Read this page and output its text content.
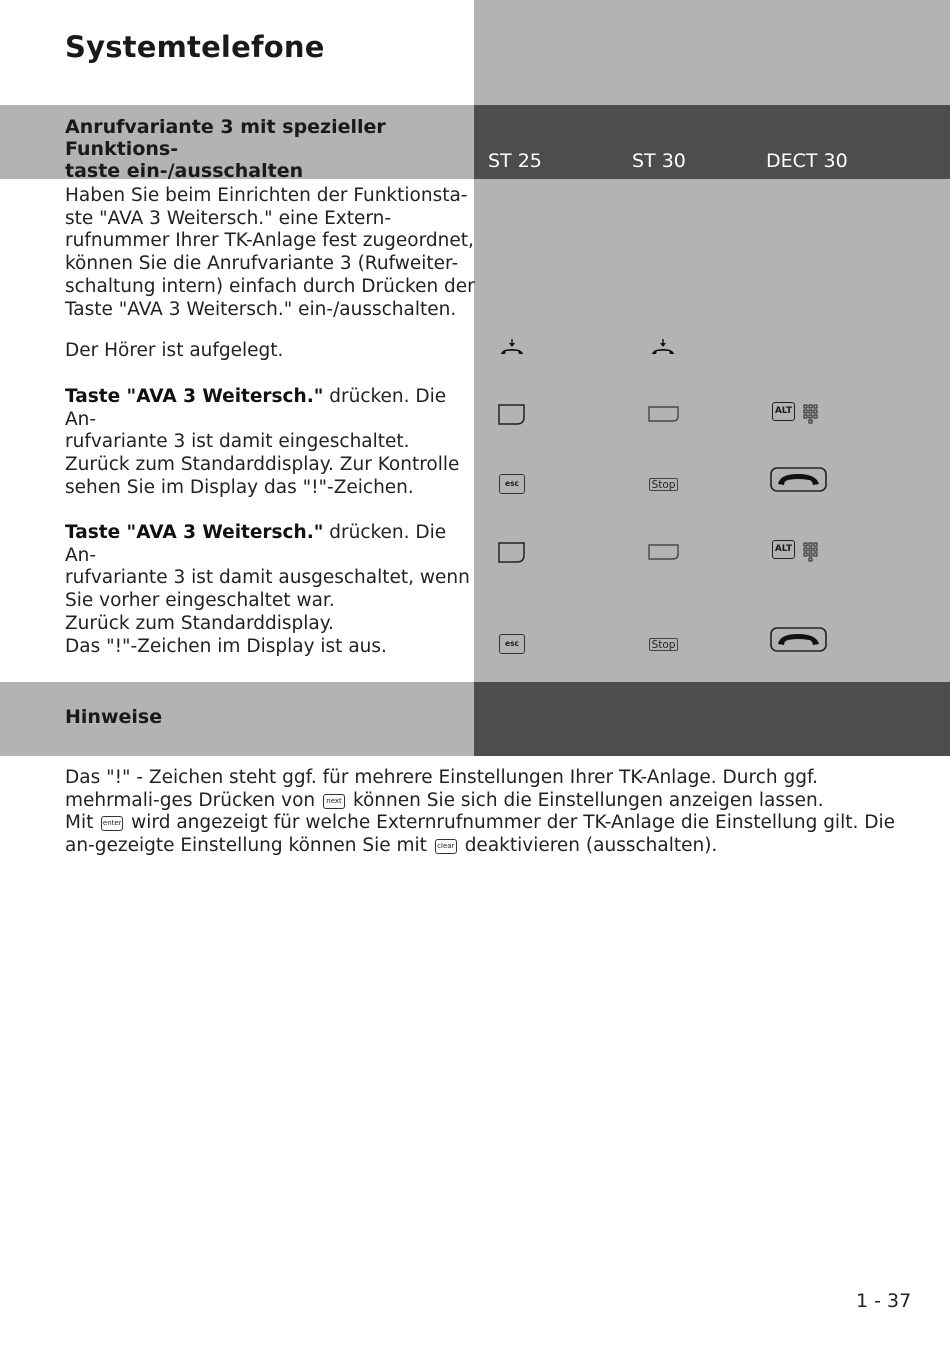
Systemtelefone
Anrufvariante 3 mit spezieller Funktions-
taste ein-/ausschalten	ST 25	ST 30	DECT 30
Haben Sie beim Einrichten der Funktionsta-
ste "AVA 3 Weitersch." eine Extern-
rufnummer Ihrer TK-Anlage fest zugeordnet,
können Sie die Anrufvariante 3 (Rufweiter-
schaltung intern) einfach durch Drücken der
Taste "AVA 3 Weitersch." ein-/ausschalten.
Der Hörer ist aufgelegt.
Taste "AVA 3 Weitersch." drücken. Die An-
rufvariante 3 ist damit eingeschaltet.
Zurück zum Standarddisplay. Zur Kontrolle
sehen Sie im Display das "!"-Zeichen.
Taste "AVA 3 Weitersch." drücken. Die An-
rufvariante 3 ist damit ausgeschaltet, wenn
Sie vorher eingeschaltet war.
Zurück zum Standarddisplay.
Das "!"-Zeichen im Display ist aus.
ALT
esc	Stop
ALT
esc	Stop
Hinweise
Das "!" - Zeichen steht ggf. für mehrere Einstellungen Ihrer TK-Anlage. Durch ggf. mehrmali-ges Drücken von next können Sie sich die Einstellungen anzeigen lassen.
Mit enter wird angezeigt für welche Externrufnummer der TK-Anlage die Einstellung gilt. Die an-gezeigte Einstellung können Sie mit clear deaktivieren (ausschalten).
1 - 37
